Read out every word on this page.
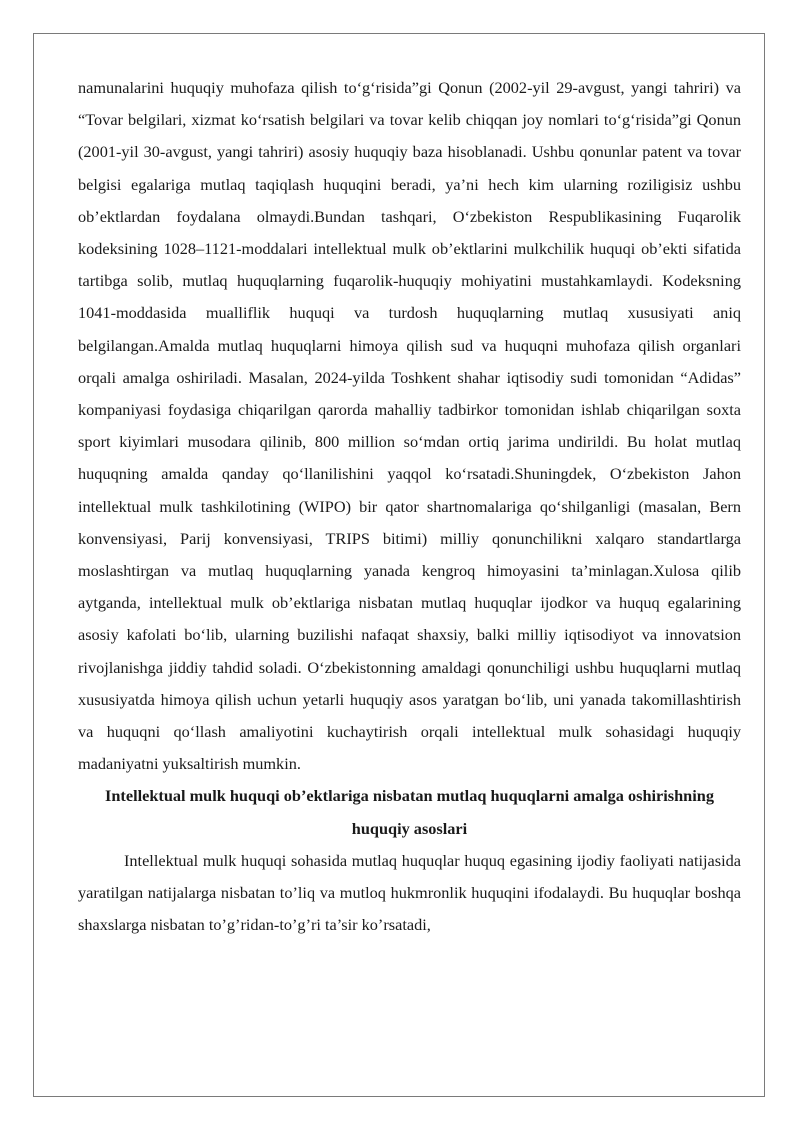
namunalarini huquqiy muhofaza qilish to‘g‘risida”gi Qonun (2002-yil 29-avgust, yangi tahriri) va “Tovar belgilari, xizmat ko‘rsatish belgilari va tovar kelib chiqqan joy nomlari to‘g‘risida”gi Qonun (2001-yil 30-avgust, yangi tahriri) asosiy huquqiy baza hisoblanadi. Ushbu qonunlar patent va tovar belgisi egalariga mutlaq taqiqlash huquqini beradi, ya’ni hech kim ularning roziligisiz ushbu ob’ektlardan foydalana olmaydi.Bundan tashqari, O‘zbekiston Respublikasining Fuqarolik kodeksining 1028–1121-moddalari intellektual mulk ob’ektlarini mulkchilik huquqi ob’ekti sifatida tartibga solib, mutlaq huquqlarning fuqarolik-huquqiy mohiyatini mustahkamlaydi. Kodeksning 1041-moddasida mualliflik huquqi va turdosh huquqlarning mutlaq xususiyati aniq belgilangan.Amalda mutlaq huquqlarni himoya qilish sud va huquqni muhofaza qilish organlari orqali amalga oshiriladi. Masalan, 2024-yilda Toshkent shahar iqtisodiy sudi tomonidan “Adidas” kompaniyasi foydasiga chiqarilgan qarorda mahalliy tadbirkor tomonidan ishlab chiqarilgan soxta sport kiyimlari musodara qilinib, 800 million so‘mdan ortiq jarima undirildi. Bu holat mutlaq huquqning amalda qanday qo‘llanilishini yaqqol ko‘rsatadi.Shuningdek, O‘zbekiston Jahon intellektual mulk tashkilotining (WIPO) bir qator shartnomalariga qo‘shilganligi (masalan, Bern konvensiyasi, Parij konvensiyasi, TRIPS bitimi) milliy qonunchilikni xalqaro standartlarga moslashtirgan va mutlaq huquqlarning yanada kengroq himoyasini ta’minlagan.Xulosa qilib aytganda, intellektual mulk ob’ektlariga nisbatan mutlaq huquqlar ijodkor va huquq egalarining asosiy kafolati bo‘lib, ularning buzilishi nafaqat shaxsiy, balki milliy iqtisodiyot va innovatsion rivojlanishga jiddiy tahdid soladi. O‘zbekistonning amaldagi qonunchiligi ushbu huquqlarni mutlaq xususiyatda himoya qilish uchun yetarli huquqiy asos yaratgan bo‘lib, uni yanada takomillashtirish va huquqni qo‘llash amaliyotini kuchaytirish orqali intellektual mulk sohasidagi huquqiy madaniyatni yuksaltirish mumkin.

Intellektual mulk huquqi ob’ektlariga nisbatan mutlaq huquqlarni amalga oshirishning huquqiy asoslari

Intellektual mulk huquqi sohasida mutlaq huquqlar huquq egasining ijodiy faoliyati natijasida yaratilgan natijalarga nisbatan to’liq va mutloq hukmronlik huquqini ifodalaydi. Bu huquqlar boshqa shaxslarga nisbatan to’g’ridan-to’g’ri ta’sir ko’rsatadi,
